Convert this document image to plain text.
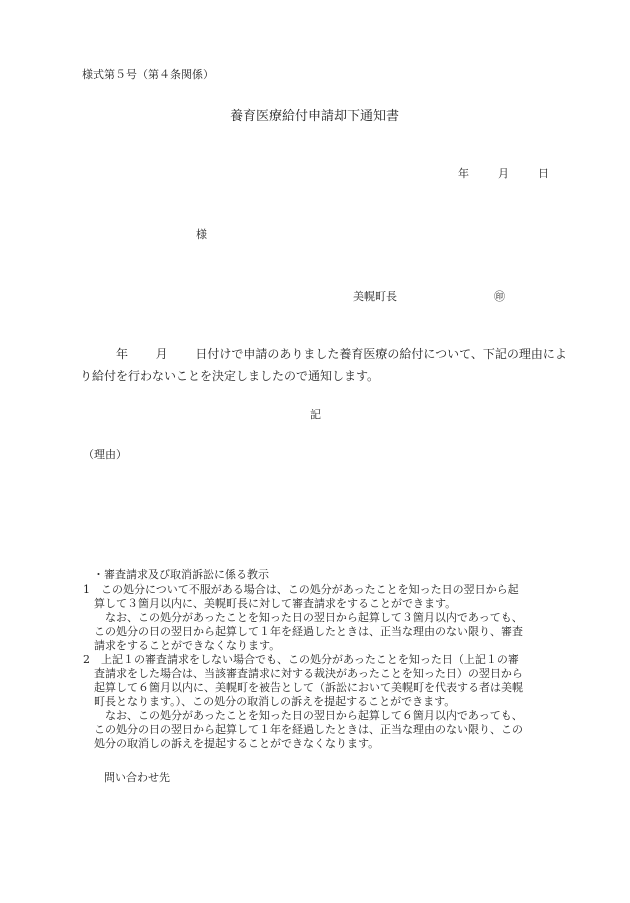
様式第５号（第４条関係）
養育医療給付申請却下通知書
年	月	日
様
美幌町長	㊞
年 月 日付けで申請のありました養育医療の給付について、下記の理由によ
り給付を行わないことを決定しましたので通知します。
記
（理由）
・審査請求及び取消訴訟に係る教示
1　この処分について不服がある場合は、この処分があったことを知った日の翌日から起
算して３箇月以内に、美幌町長に対して審査請求をすることができます。
なお、この処分があったことを知った日の翌日から起算して３箇月以内であっても、
この処分の日の翌日から起算して１年を経過したときは、正当な理由のない限り、審査
請求をすることができなくなります。
2　上記１の審査請求をしない場合でも、この処分があったことを知った日（上記１の審
査請求をした場合は、当該審査請求に対する裁決があったことを知った日）の翌日から
起算して６箇月以内に、美幌町を被告として（訴訟において美幌町を代表する者は美幌
町長となります。）、この処分の取消しの訴えを提起することができます。
なお、この処分があったことを知った日の翌日から起算して６箇月以内であっても、
この処分の日の翌日から起算して１年を経過したときは、正当な理由のない限り、この
処分の取消しの訴えを提起することができなくなります。
問い合わせ先
